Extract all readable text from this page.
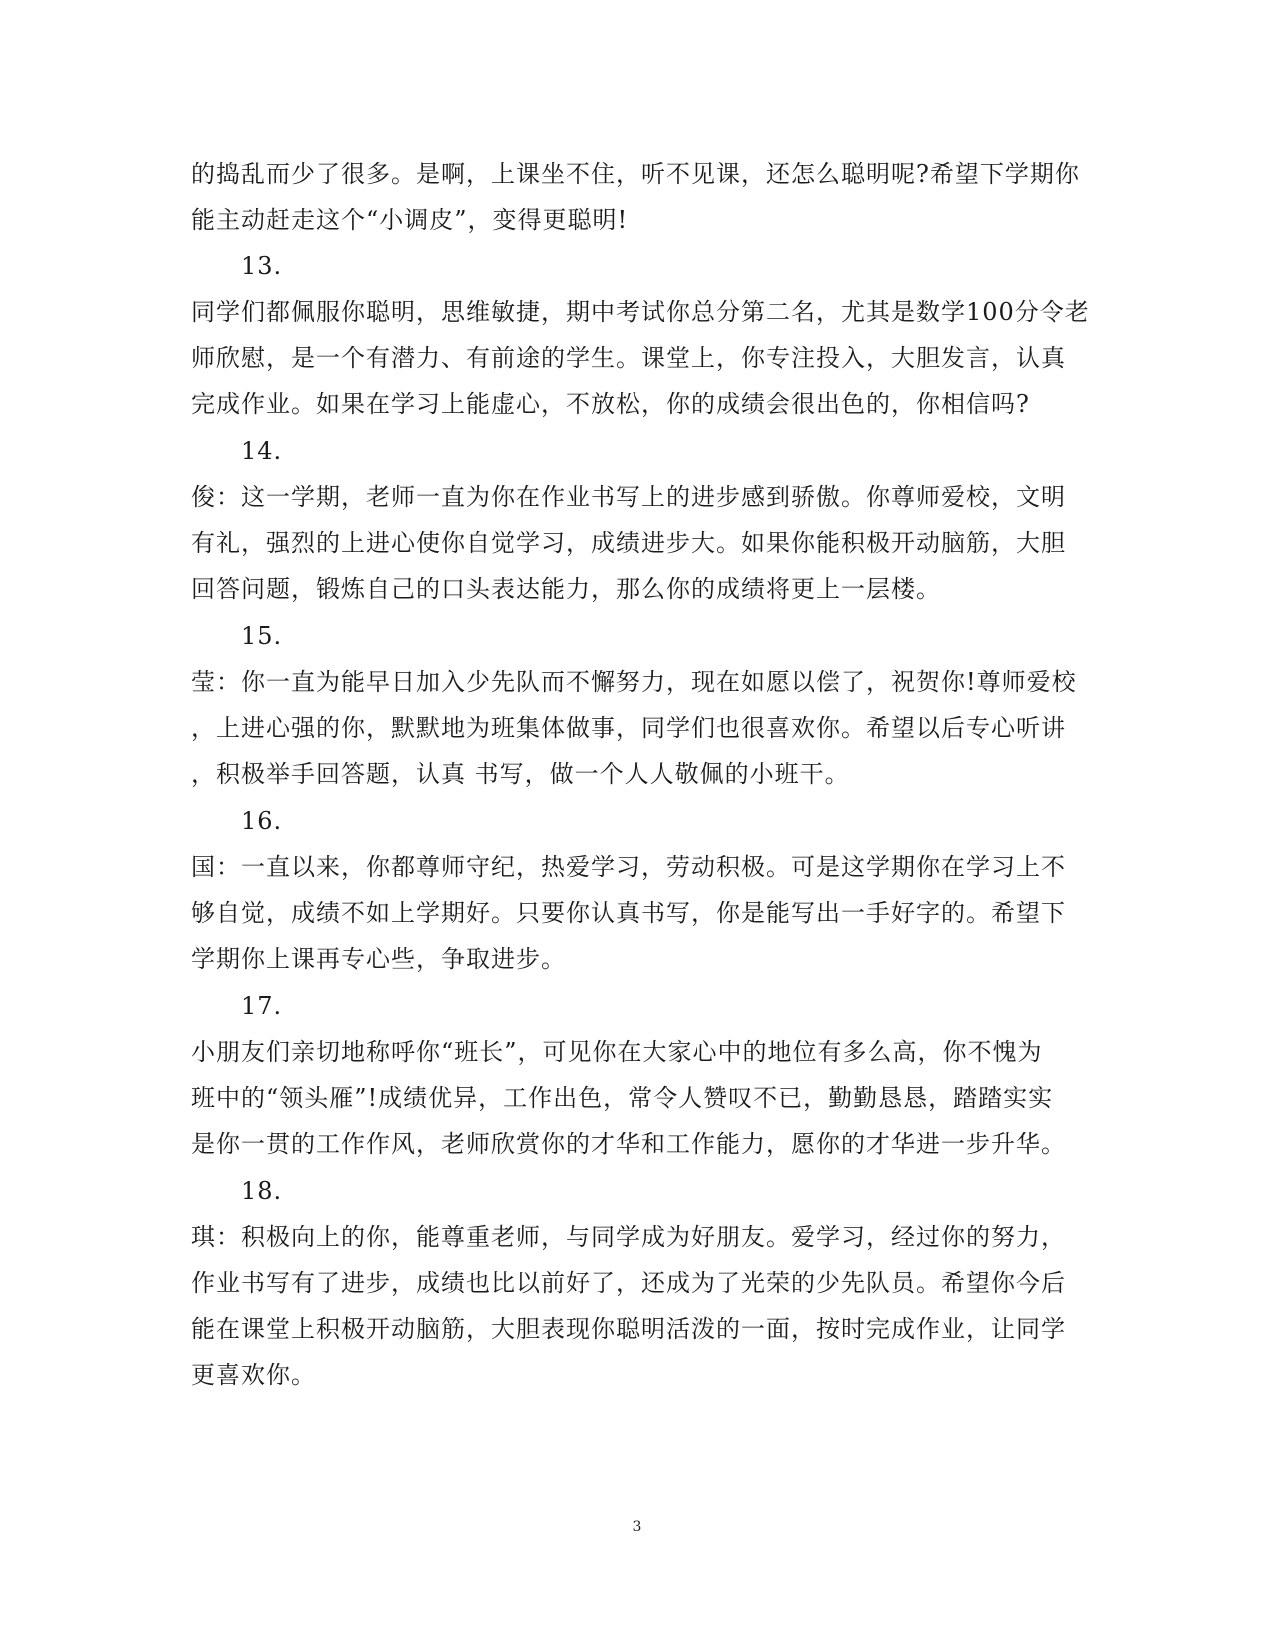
的捣乱而少了很多。是啊，上课坐不住，听不见课，还怎么聪明呢?希望下学期你
能主动赶走这个“小调皮”，变得更聪明!
13.
同学们都佩服你聪明，思维敏捷，期中考试你总分第二名，尤其是数学100分令老
师欣慰，是一个有潜力、有前途的学生。课堂上，你专注投入，大胆发言，认真
完成作业。如果在学习上能虚心，不放松，你的成绩会很出色的，你相信吗?
14.
俊：这一学期，老师一直为你在作业书写上的进步感到骄傲。你尊师爱校，文明
有礼，强烈的上进心使你自觉学习，成绩进步大。如果你能积极开动脑筋，大胆
回答问题，锻炼自己的口头表达能力，那么你的成绩将更上一层楼。
15.
莹：你一直为能早日加入少先队而不懈努力，现在如愿以偿了，祝贺你!尊师爱校
，上进心强的你，默默地为班集体做事，同学们也很喜欢你。希望以后专心听讲
，积极举手回答题，认真 书写，做一个人人敬佩的小班干。
16.
国：一直以来，你都尊师守纪，热爱学习，劳动积极。可是这学期你在学习上不
够自觉，成绩不如上学期好。只要你认真书写，你是能写出一手好字的。希望下
学期你上课再专心些，争取进步。
17.
小朋友们亲切地称呼你“班长”，可见你在大家心中的地位有多么高，你不愧为
班中的“领头雁”!成绩优异，工作出色，常令人赞叹不已，勤勤恳恳，踏踏实实
是你一贯的工作作风，老师欣赏你的才华和工作能力，愿你的才华进一步升华。
18.
琪：积极向上的你，能尊重老师，与同学成为好朋友。爱学习，经过你的努力，
作业书写有了进步，成绩也比以前好了，还成为了光荣的少先队员。希望你今后
能在课堂上积极开动脑筋，大胆表现你聪明活泼的一面，按时完成作业，让同学
更喜欢你。
3
